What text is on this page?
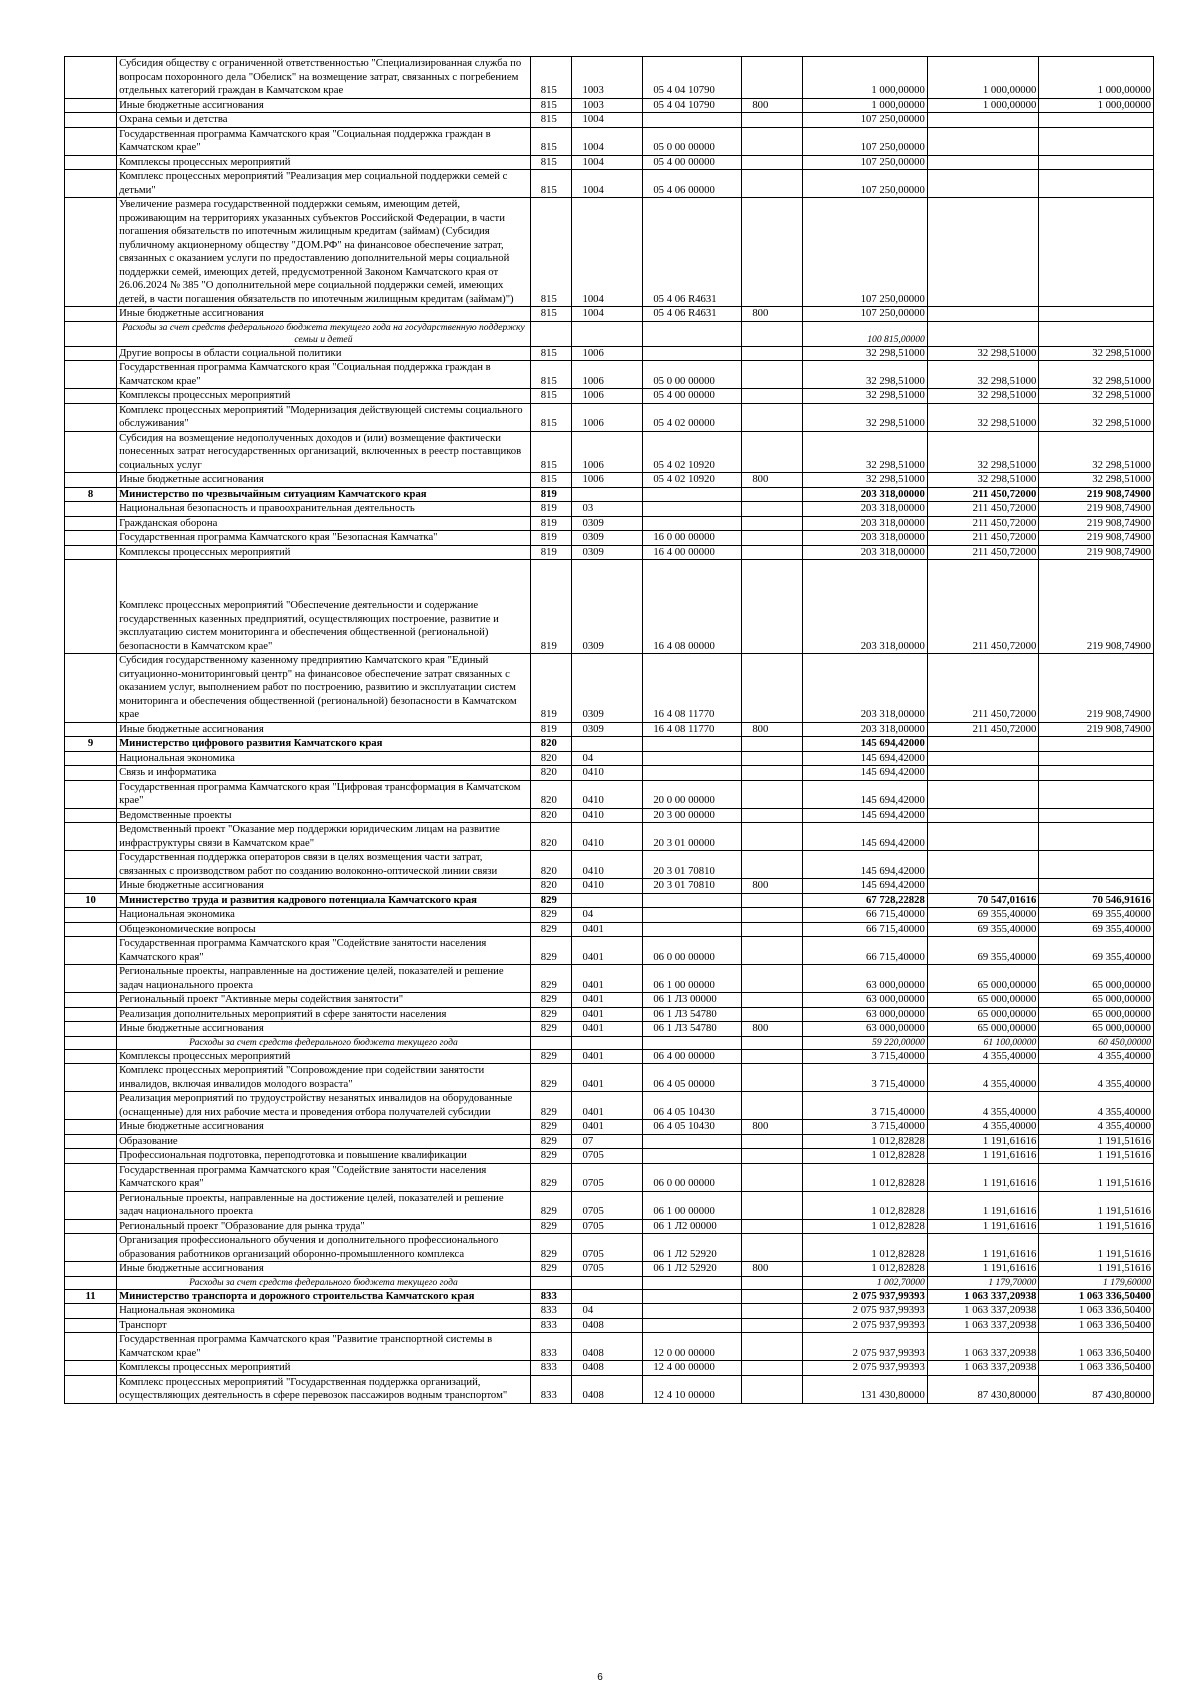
	Субсидия обществу с ограниченной ответственностью "Специализированная служба по вопросам похоронного дела "Обелиск" на возмещение затрат, связанных с погребением отдельных категорий граждан в Камчатском крае	815	1003	05 4 04 10790		1 000,00000	1 000,00000	1 000,00000
	Иные бюджетные ассигнования	815	1003	05 4 04 10790	800	1 000,00000	1 000,00000	1 000,00000
	Охрана семьи и детства	815	1004			107 250,00000		
	Государственная программа Камчатского края "Социальная поддержка граждан в Камчатском крае"	815	1004	05 0 00 00000		107 250,00000		
	Комплексы процессных мероприятий	815	1004	05 4 00 00000		107 250,00000		
	Комплекс процессных мероприятий "Реализация мер социальной поддержки семей с детьми"	815	1004	05 4 06 00000		107 250,00000		
	Увеличение размера государственной поддержки семьям, имеющим детей, проживающим на территориях указанных субъектов Российской Федерации, в части погашения обязательств по ипотечным жилищным кредитам (займам) (Субсидия публичному акционерному обществу "ДОМ.РФ" на финансовое обеспечение затрат, связанных с оказанием услуги по предоставлению дополнительной меры социальной поддержки семей, имеющих детей, предусмотренной Законом Камчатского края от 26.06.2024 № 385 "О дополнительной мере социальной поддержки семей, имеющих детей, в части погашения обязательств по ипотечным жилищным кредитам (займам)")	815	1004	05 4 06 R4631		107 250,00000		
	Иные бюджетные ассигнования	815	1004	05 4 06 R4631	800	107 250,00000		
	Расходы за счет средств федерального бюджета текущего года на государственную поддержку семьи и детей					100 815,00000		
	Другие вопросы в области социальной политики	815	1006			32 298,51000	32 298,51000	32 298,51000
	Государственная программа Камчатского края "Социальная поддержка граждан в Камчатском крае"	815	1006	05 0 00 00000		32 298,51000	32 298,51000	32 298,51000
	Комплексы процессных мероприятий	815	1006	05 4 00 00000		32 298,51000	32 298,51000	32 298,51000
	Комплекс процессных мероприятий "Модернизация действующей системы социального обслуживания"	815	1006	05 4 02 00000		32 298,51000	32 298,51000	32 298,51000
	Субсидия на возмещение недополученных доходов и (или) возмещение фактически понесенных затрат негосударственных организаций, включенных в реестр поставщиков социальных услуг	815	1006	05 4 02 10920		32 298,51000	32 298,51000	32 298,51000
	Иные бюджетные ассигнования	815	1006	05 4 02 10920	800	32 298,51000	32 298,51000	32 298,51000
8	Министерство по чрезвычайным ситуациям Камчатского края	819				203 318,00000	211 450,72000	219 908,74900
	Национальная безопасность и правоохранительная деятельность	819	03			203 318,00000	211 450,72000	219 908,74900
	Гражданская оборона	819	0309			203 318,00000	211 450,72000	219 908,74900
	Государственная программа Камчатского края "Безопасная Камчатка"	819	0309	16 0 00 00000		203 318,00000	211 450,72000	219 908,74900
	Комплексы процессных мероприятий	819	0309	16 4 00 00000		203 318,00000	211 450,72000	219 908,74900
	Комплекс процессных мероприятий "Обеспечение деятельности и содержание государственных казенных предприятий, осуществляющих построение, развитие и эксплуатацию систем мониторинга и обеспечения общественной (региональной) безопасности в Камчатском крае"	819	0309	16 4 08 00000		203 318,00000	211 450,72000	219 908,74900
	Субсидия государственному казенному предприятию Камчатского края "Единый ситуационно-мониторинговый центр" на финансовое обеспечение затрат связанных с оказанием услуг, выполнением работ по построению, развитию и эксплуатации систем мониторинга и обеспечения общественной (региональной) безопасности в Камчатском крае	819	0309	16 4 08 11770		203 318,00000	211 450,72000	219 908,74900
	Иные бюджетные ассигнования	819	0309	16 4 08 11770	800	203 318,00000	211 450,72000	219 908,74900
9	Министерство цифрового развития Камчатского края	820				145 694,42000		
	Национальная экономика	820	04			145 694,42000		
	Связь и информатика	820	0410			145 694,42000		
	Государственная программа Камчатского края "Цифровая трансформация в Камчатском крае"	820	0410	20 0 00 00000		145 694,42000		
	Ведомственные проекты	820	0410	20 3 00 00000		145 694,42000		
	Ведомственный проект "Оказание мер поддержки юридическим лицам на развитие инфраструктуры связи в Камчатском крае"	820	0410	20 3 01 00000		145 694,42000		
	Государственная поддержка операторов связи в целях возмещения части затрат, связанных с производством работ по созданию волоконно-оптической линии связи	820	0410	20 3 01 70810		145 694,42000		
	Иные бюджетные ассигнования	820	0410	20 3 01 70810	800	145 694,42000		
10	Министерство труда и развития кадрового потенциала Камчатского края	829				67 728,22828	70 547,01616	70 546,91616
	Национальная экономика	829	04			66 715,40000	69 355,40000	69 355,40000
	Общеэкономические вопросы	829	0401			66 715,40000	69 355,40000	69 355,40000
	Государственная программа Камчатского края "Содействие занятости населения Камчатского края"	829	0401	06 0 00 00000		66 715,40000	69 355,40000	69 355,40000
	Региональные проекты, направленные на достижение целей, показателей и решение задач национального проекта	829	0401	06 1 00 00000		63 000,00000	65 000,00000	65 000,00000
	Региональный проект "Активные меры содействия занятости"	829	0401	06 1 Л3 00000		63 000,00000	65 000,00000	65 000,00000
	Реализация дополнительных мероприятий в сфере занятости населения	829	0401	06 1 Л3 54780		63 000,00000	65 000,00000	65 000,00000
	Иные бюджетные ассигнования	829	0401	06 1 Л3 54780	800	63 000,00000	65 000,00000	65 000,00000
	Расходы за счет средств федерального бюджета текущего года					59 220,00000	61 100,00000	60 450,00000
	Комплексы процессных мероприятий	829	0401	06 4 00 00000		3 715,40000	4 355,40000	4 355,40000
	Комплекс процессных мероприятий "Сопровождение при содействии занятости инвалидов, включая инвалидов молодого возраста"	829	0401	06 4 05 00000		3 715,40000	4 355,40000	4 355,40000
	Реализация мероприятий по трудоустройству незанятых инвалидов на оборудованные (оснащенные) для них рабочие места и проведения отбора получателей субсидии	829	0401	06 4 05 10430		3 715,40000	4 355,40000	4 355,40000
	Иные бюджетные ассигнования	829	0401	06 4 05 10430	800	3 715,40000	4 355,40000	4 355,40000
	Образование	829	07			1 012,82828	1 191,61616	1 191,51616
	Профессиональная подготовка, переподготовка и повышение квалификации	829	0705			1 012,82828	1 191,61616	1 191,51616
	Государственная программа Камчатского края "Содействие занятости населения Камчатского края"	829	0705	06 0 00 00000		1 012,82828	1 191,61616	1 191,51616
	Региональные проекты, направленные на достижение целей, показателей и решение задач национального проекта	829	0705	06 1 00 00000		1 012,82828	1 191,61616	1 191,51616
	Региональный проект "Образование для рынка труда"	829	0705	06 1 Л2 00000		1 012,82828	1 191,61616	1 191,51616
	Организация профессионального обучения и дополнительного профессионального образования работников организаций оборонно-промышленного комплекса	829	0705	06 1 Л2 52920		1 012,82828	1 191,61616	1 191,51616
	Иные бюджетные ассигнования	829	0705	06 1 Л2 52920	800	1 012,82828	1 191,61616	1 191,51616
	Расходы за счет средств федерального бюджета текущего года					1 002,70000	1 179,70000	1 179,60000
11	Министерство транспорта и дорожного строительства Камчатского края	833				2 075 937,99393	1 063 337,20938	1 063 336,50400
	Национальная экономика	833	04			2 075 937,99393	1 063 337,20938	1 063 336,50400
	Транспорт	833	0408			2 075 937,99393	1 063 337,20938	1 063 336,50400
	Государственная программа Камчатского края "Развитие транспортной системы в Камчатском крае"	833	0408	12 0 00 00000		2 075 937,99393	1 063 337,20938	1 063 336,50400
	Комплексы процессных мероприятий	833	0408	12 4 00 00000		2 075 937,99393	1 063 337,20938	1 063 336,50400
	Комплекс процессных мероприятий "Государственная поддержка организаций, осуществляющих деятельность в сфере перевозок пассажиров водным транспортом"	833	0408	12 4 10 00000		131 430,80000	87 430,80000	87 430,80000
6
